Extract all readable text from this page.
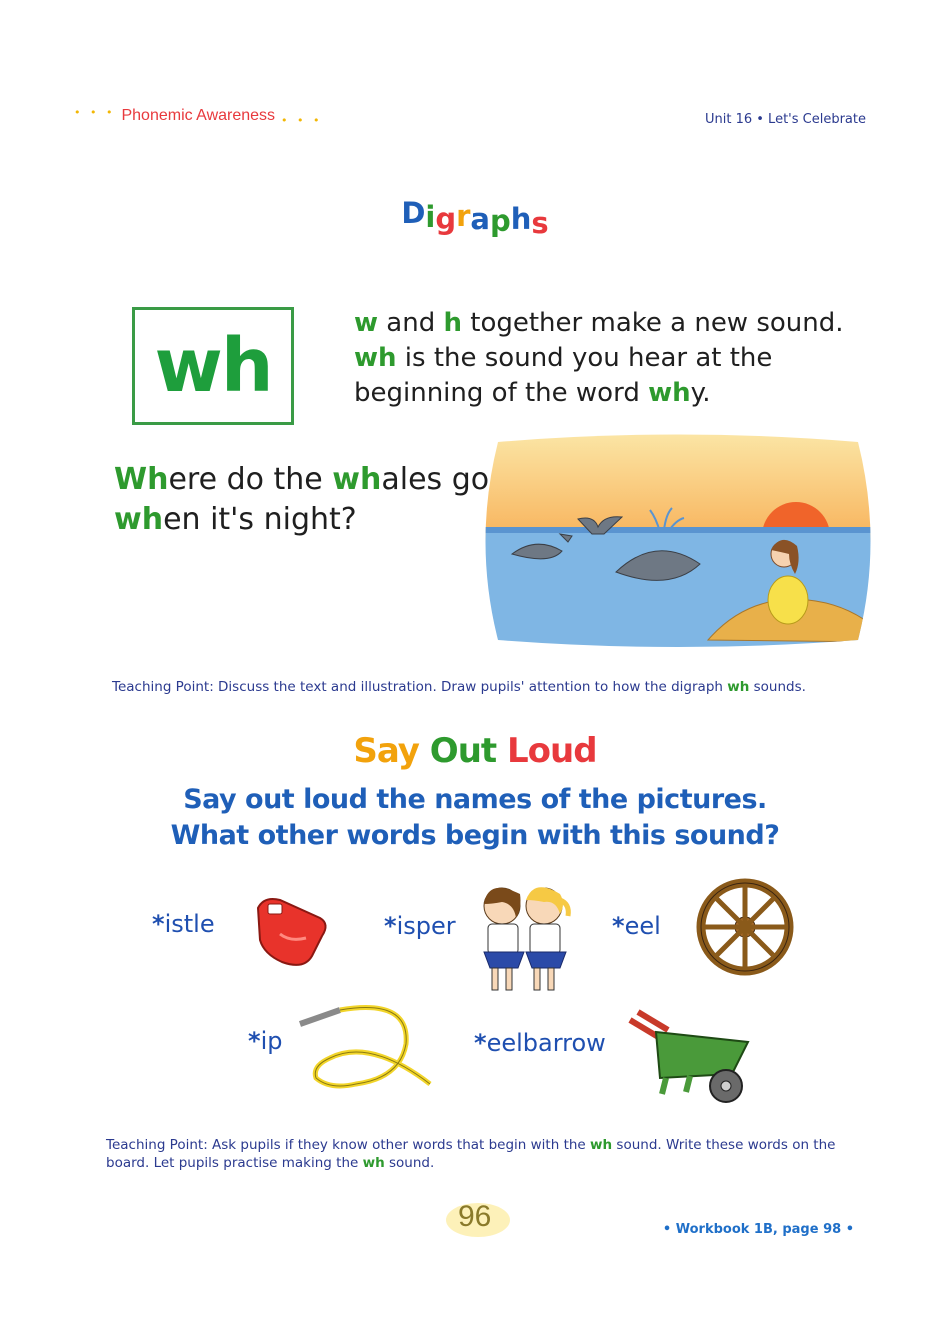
• • • Phonemic Awareness • • •	Unit 16 • Let's Celebrate
Digraphs
wh	w and h together make a new sound.
wh is the sound you hear at the
beginning of the word why.
Where do the whales go
when it's night?
Teaching Point: Discuss the text and illustration. Draw pupils' attention to how the digraph wh sounds.
Say Out Loud
Say out loud the names of the pictures.
What other words begin with this sound?
*istle	*isper	*eel
*ip	*eelbarrow
Teaching Point: Ask pupils if they know other words that begin with the wh sound. Write these words on the
board. Let pupils practise making the wh sound.
96	• Workbook 1B, page 98 •
